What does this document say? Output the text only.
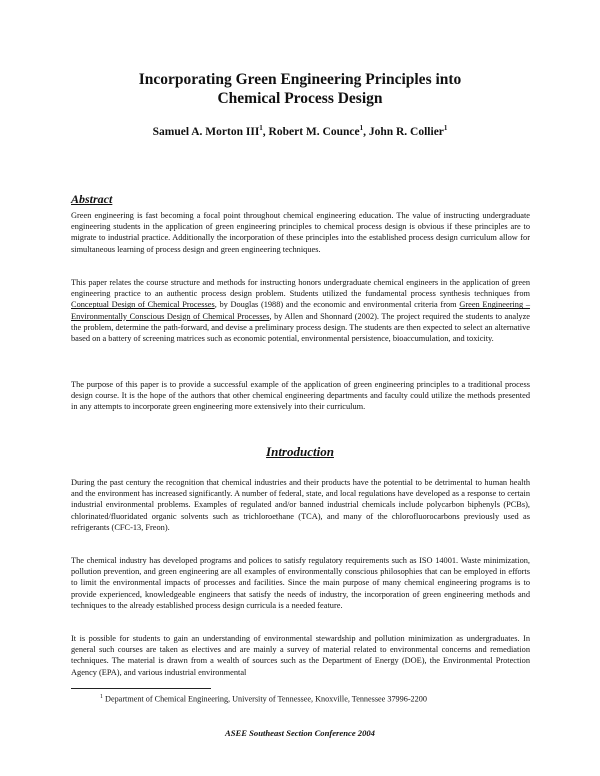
Incorporating Green Engineering Principles into
Chemical Process Design
Samuel A. Morton III$^1$, Robert M. Counce$^1$, John R. Collier$^1$
Abstract

Green engineering is fast becoming a focal point throughout chemical engineering education. The value of instructing undergraduate engineering students in the application of green engineering principles to chemical process design is obvious if these principles are to migrate to industrial practice. Additionally the incorporation of these principles into the established process design curriculum allow for simultaneous learning of process design and green engineering techniques.

This paper relates the course structure and methods for instructing honors undergraduate chemical engineers in the application of green engineering practice to an authentic process design problem. Students utilized the fundamental process synthesis techniques from Conceptual Design of Chemical Processes, by Douglas (1988) and the economic and environmental criteria from Green Engineering – Environmentally Conscious Design of Chemical Processes, by Allen and Shonnard (2002). The project required the students to analyze the problem, determine the path-forward, and devise a preliminary process design. The students are then expected to select an alternative based on a battery of screening matrices such as economic potential, environmental persistence, bioaccumulation, and toxicity.

The purpose of this paper is to provide a successful example of the application of green engineering principles to a traditional process design course. It is the hope of the authors that other chemical engineering departments and faculty could utilize the methods presented in any attempts to incorporate green engineering more extensively into their curriculum.

Introduction

During the past century the recognition that chemical industries and their products have the potential to be detrimental to human health and the environment has increased significantly. A number of federal, state, and local regulations have developed as a response to certain industrial environmental problems. Examples of regulated and/or banned industrial chemicals include polycarbon biphenyls (PCBs), chlorinated/fluoridated organic solvents such as trichloroethane (TCA), and many of the chlorofluorocarbons previously used as refrigerants (CFC-13, Freon).

The chemical industry has developed programs and polices to satisfy regulatory requirements such as ISO 14001. Waste minimization, pollution prevention, and green engineering are all examples of environmentally conscious philosophies that can be employed in efforts to limit the environmental impacts of processes and facilities. Since the main purpose of many chemical engineering programs is to provide experienced, knowledgeable engineers that satisfy the needs of industry, the incorporation of green engineering methods and techniques to the already established process design curricula is a needed feature.

It is possible for students to gain an understanding of environmental stewardship and pollution minimization as undergraduates. In general such courses are taken as electives and are mainly a survey of material related to environmental concerns and remediation techniques. The material is drawn from a wealth of sources such as the Department of Energy (DOE), the Environmental Protection Agency (EPA), and various industrial environmental

$^1$ Department of Chemical Engineering, University of Tennessee, Knoxville, Tennessee 37996-2200
ASEE Southeast Section Conference 2004
